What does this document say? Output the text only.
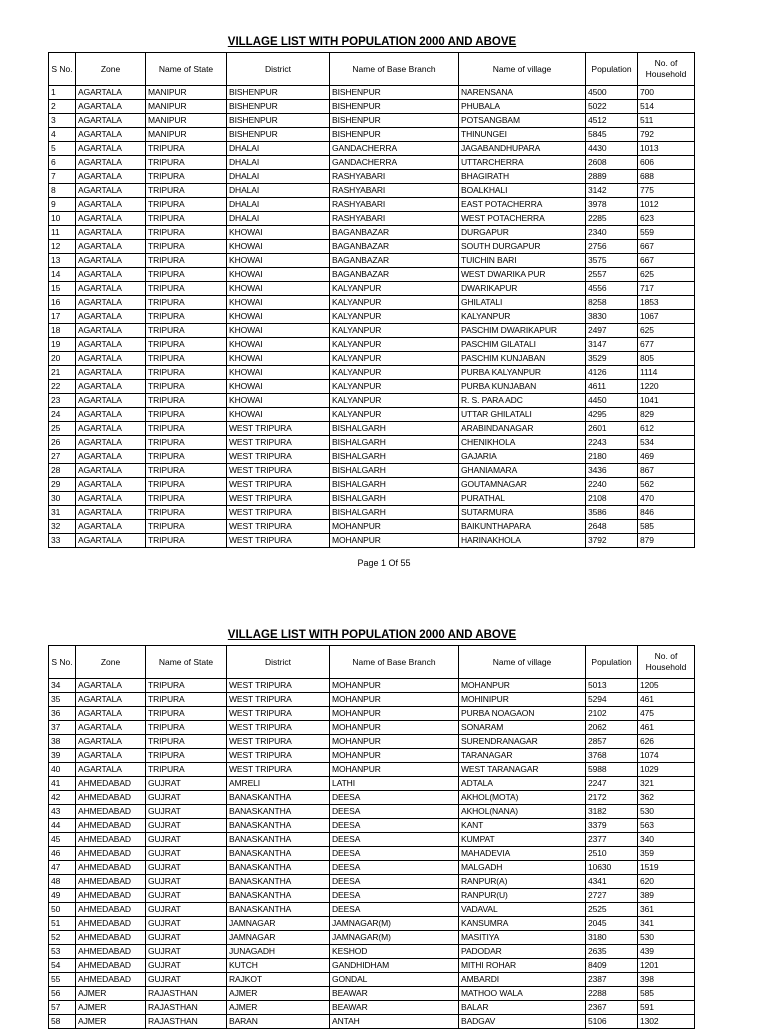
VILLAGE LIST WITH POPULATION 2000 AND ABOVE
S No.	Zone	Name of State	District	Name of Base Branch	Name of village	Population	No. of Household
1	AGARTALA	MANIPUR	BISHENPUR	BISHENPUR	NARENSANA	4500	700
2	AGARTALA	MANIPUR	BISHENPUR	BISHENPUR	PHUBALA	5022	514
3	AGARTALA	MANIPUR	BISHENPUR	BISHENPUR	POTSANGBAM	4512	511
4	AGARTALA	MANIPUR	BISHENPUR	BISHENPUR	THINUNGEI	5845	792
5	AGARTALA	TRIPURA	DHALAI	GANDACHERRA	JAGABANDHUPARA	4430	1013
6	AGARTALA	TRIPURA	DHALAI	GANDACHERRA	UTTARCHERRA	2608	606
7	AGARTALA	TRIPURA	DHALAI	RASHYABARI	BHAGIRATH	2889	688
8	AGARTALA	TRIPURA	DHALAI	RASHYABARI	BOALKHALI	3142	775
9	AGARTALA	TRIPURA	DHALAI	RASHYABARI	EAST POTACHERRA	3978	1012
10	AGARTALA	TRIPURA	DHALAI	RASHYABARI	WEST POTACHERRA	2285	623
11	AGARTALA	TRIPURA	KHOWAI	BAGANBAZAR	DURGAPUR	2340	559
12	AGARTALA	TRIPURA	KHOWAI	BAGANBAZAR	SOUTH DURGAPUR	2756	667
13	AGARTALA	TRIPURA	KHOWAI	BAGANBAZAR	TUICHIN BARI	3575	667
14	AGARTALA	TRIPURA	KHOWAI	BAGANBAZAR	WEST DWARIKA PUR	2557	625
15	AGARTALA	TRIPURA	KHOWAI	KALYANPUR	DWARIKAPUR	4556	717
16	AGARTALA	TRIPURA	KHOWAI	KALYANPUR	GHILATALI	8258	1853
17	AGARTALA	TRIPURA	KHOWAI	KALYANPUR	KALYANPUR	3830	1067
18	AGARTALA	TRIPURA	KHOWAI	KALYANPUR	PASCHIM DWARIKAPUR	2497	625
19	AGARTALA	TRIPURA	KHOWAI	KALYANPUR	PASCHIM GILATALI	3147	677
20	AGARTALA	TRIPURA	KHOWAI	KALYANPUR	PASCHIM KUNJABAN	3529	805
21	AGARTALA	TRIPURA	KHOWAI	KALYANPUR	PURBA KALYANPUR	4126	1114
22	AGARTALA	TRIPURA	KHOWAI	KALYANPUR	PURBA KUNJABAN	4611	1220
23	AGARTALA	TRIPURA	KHOWAI	KALYANPUR	R. S. PARA ADC	4450	1041
24	AGARTALA	TRIPURA	KHOWAI	KALYANPUR	UTTAR GHILATALI	4295	829
25	AGARTALA	TRIPURA	WEST TRIPURA	BISHALGARH	ARABINDANAGAR	2601	612
26	AGARTALA	TRIPURA	WEST TRIPURA	BISHALGARH	CHENIKHOLA	2243	534
27	AGARTALA	TRIPURA	WEST TRIPURA	BISHALGARH	GAJARIA	2180	469
28	AGARTALA	TRIPURA	WEST TRIPURA	BISHALGARH	GHANIAMARA	3436	867
29	AGARTALA	TRIPURA	WEST TRIPURA	BISHALGARH	GOUTAMNAGAR	2240	562
30	AGARTALA	TRIPURA	WEST TRIPURA	BISHALGARH	PURATHAL	2108	470
31	AGARTALA	TRIPURA	WEST TRIPURA	BISHALGARH	SUTARMURA	3586	846
32	AGARTALA	TRIPURA	WEST TRIPURA	MOHANPUR	BAIKUNTHAPARA	2648	585
33	AGARTALA	TRIPURA	WEST TRIPURA	MOHANPUR	HARINAKHOLA	3792	879
Page 1 Of 55
VILLAGE LIST WITH POPULATION 2000 AND ABOVE
S No.	Zone	Name of State	District	Name of Base Branch	Name of village	Population	No. of Household
34	AGARTALA	TRIPURA	WEST TRIPURA	MOHANPUR	MOHANPUR	5013	1205
35	AGARTALA	TRIPURA	WEST TRIPURA	MOHANPUR	MOHINIPUR	5294	461
36	AGARTALA	TRIPURA	WEST TRIPURA	MOHANPUR	PURBA NOAGAON	2102	475
37	AGARTALA	TRIPURA	WEST TRIPURA	MOHANPUR	SONARAM	2062	461
38	AGARTALA	TRIPURA	WEST TRIPURA	MOHANPUR	SURENDRANAGAR	2857	626
39	AGARTALA	TRIPURA	WEST TRIPURA	MOHANPUR	TARANAGAR	3768	1074
40	AGARTALA	TRIPURA	WEST TRIPURA	MOHANPUR	WEST TARANAGAR	5988	1029
41	AHMEDABAD	GUJRAT	AMRELI	LATHI	ADTALA	2247	321
42	AHMEDABAD	GUJRAT	BANASKANTHA	DEESA	AKHOL(MOTA)	2172	362
43	AHMEDABAD	GUJRAT	BANASKANTHA	DEESA	AKHOL(NANA)	3182	530
44	AHMEDABAD	GUJRAT	BANASKANTHA	DEESA	KANT	3379	563
45	AHMEDABAD	GUJRAT	BANASKANTHA	DEESA	KUMPAT	2377	340
46	AHMEDABAD	GUJRAT	BANASKANTHA	DEESA	MAHADEVIA	2510	359
47	AHMEDABAD	GUJRAT	BANASKANTHA	DEESA	MALGADH	10630	1519
48	AHMEDABAD	GUJRAT	BANASKANTHA	DEESA	RANPUR(A)	4341	620
49	AHMEDABAD	GUJRAT	BANASKANTHA	DEESA	RANPUR(U)	2727	389
50	AHMEDABAD	GUJRAT	BANASKANTHA	DEESA	VADAVAL	2525	361
51	AHMEDABAD	GUJRAT	JAMNAGAR	JAMNAGAR(M)	KANSUMRA	2045	341
52	AHMEDABAD	GUJRAT	JAMNAGAR	JAMNAGAR(M)	MASITIYA	3180	530
53	AHMEDABAD	GUJRAT	JUNAGADH	KESHOD	PADODAR	2635	439
54	AHMEDABAD	GUJRAT	KUTCH	GANDHIDHAM	MITHI ROHAR	8409	1201
55	AHMEDABAD	GUJRAT	RAJKOT	GONDAL	AMBARDI	2387	398
56	AJMER	RAJASTHAN	AJMER	BEAWAR	MATHOO WALA	2288	585
57	AJMER	RAJASTHAN	AJMER	BEAWAR	BALAR	2367	591
58	AJMER	RAJASTHAN	BARAN	ANTAH	BADGAV	5106	1302
